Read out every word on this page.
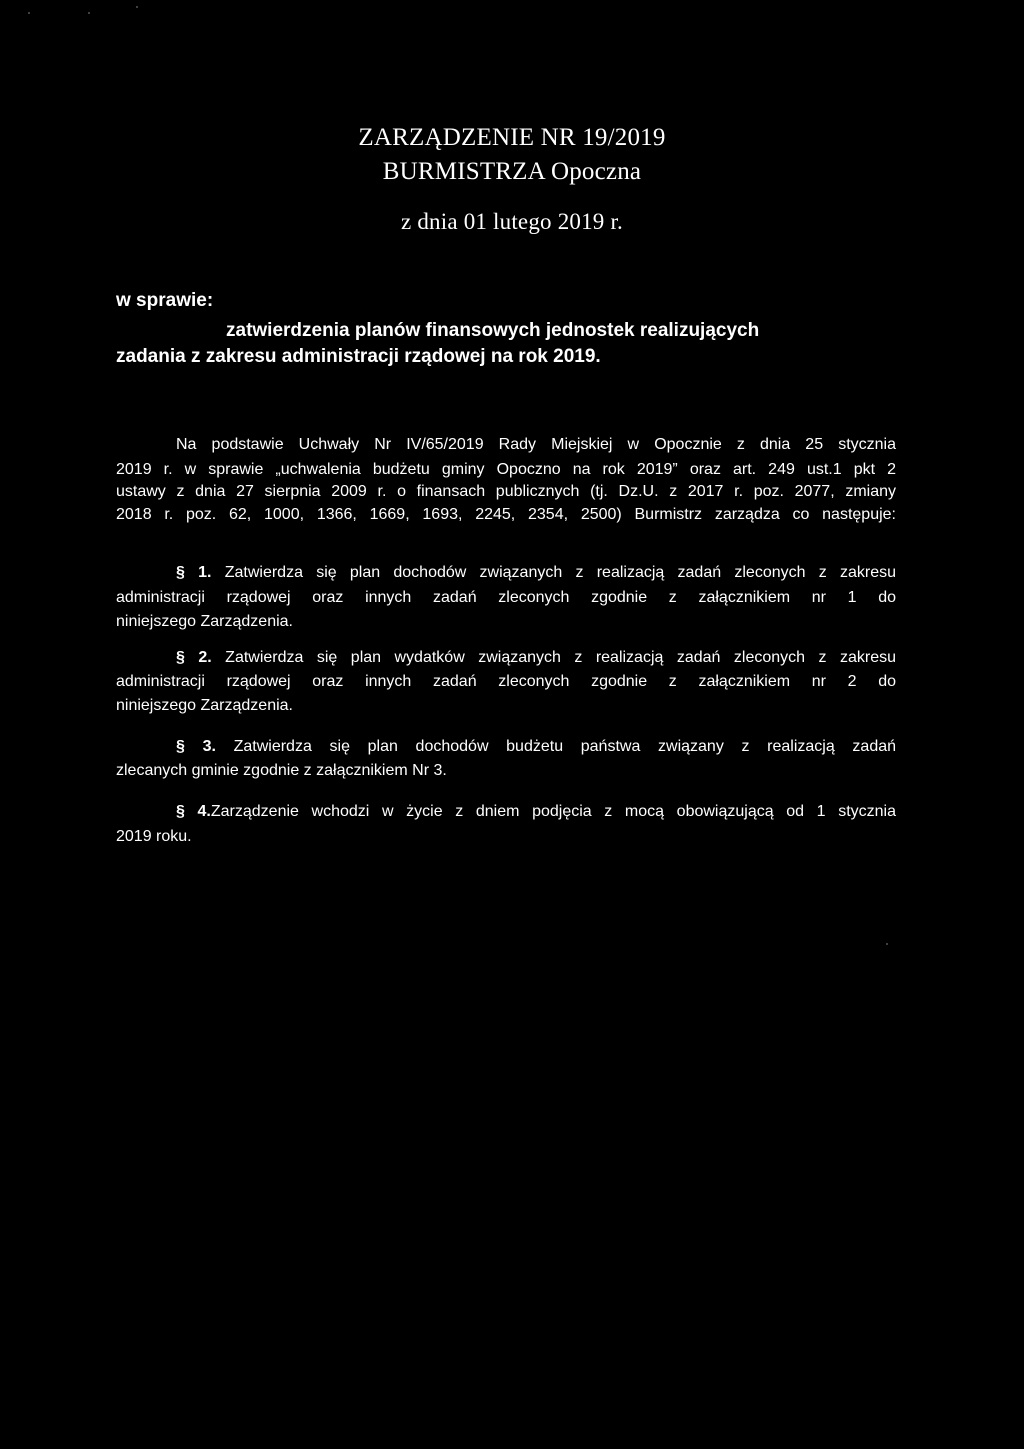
ZARZĄDZENIE NR 19/2019
BURMISTRZA Opoczna
z dnia 01 lutego 2019 r.
w sprawie:
zatwierdzenia planów finansowych jednostek realizujących
zadania z zakresu administracji rządowej na rok 2019.
Na podstawie Uchwały Nr IV/65/2019 Rady Miejskiej w Opocznie z dnia 25 stycznia
2019 r. w sprawie „uchwalenia budżetu gminy Opoczno na rok 2019” oraz art. 249 ust.1 pkt 2
ustawy z dnia 27 sierpnia 2009 r. o finansach publicznych (tj. Dz.U. z 2017 r. poz. 2077, zmiany
2018 r. poz. 62, 1000, 1366, 1669, 1693, 2245, 2354, 2500) Burmistrz zarządza co następuje:
§ 1. Zatwierdza się plan dochodów związanych z realizacją zadań zleconych z zakresu
administracji rządowej oraz innych zadań zleconych zgodnie z załącznikiem nr 1 do
niniejszego Zarządzenia.
§ 2. Zatwierdza się plan wydatków związanych z realizacją zadań zleconych z zakresu
administracji rządowej oraz innych zadań zleconych zgodnie z załącznikiem nr 2 do
niniejszego Zarządzenia.
§ 3. Zatwierdza się plan dochodów budżetu państwa związany z realizacją zadań
zlecanych gminie zgodnie z załącznikiem Nr 3.
§ 4.Zarządzenie wchodzi w życie z dniem podjęcia z mocą obowiązującą od 1 stycznia
2019 roku.
